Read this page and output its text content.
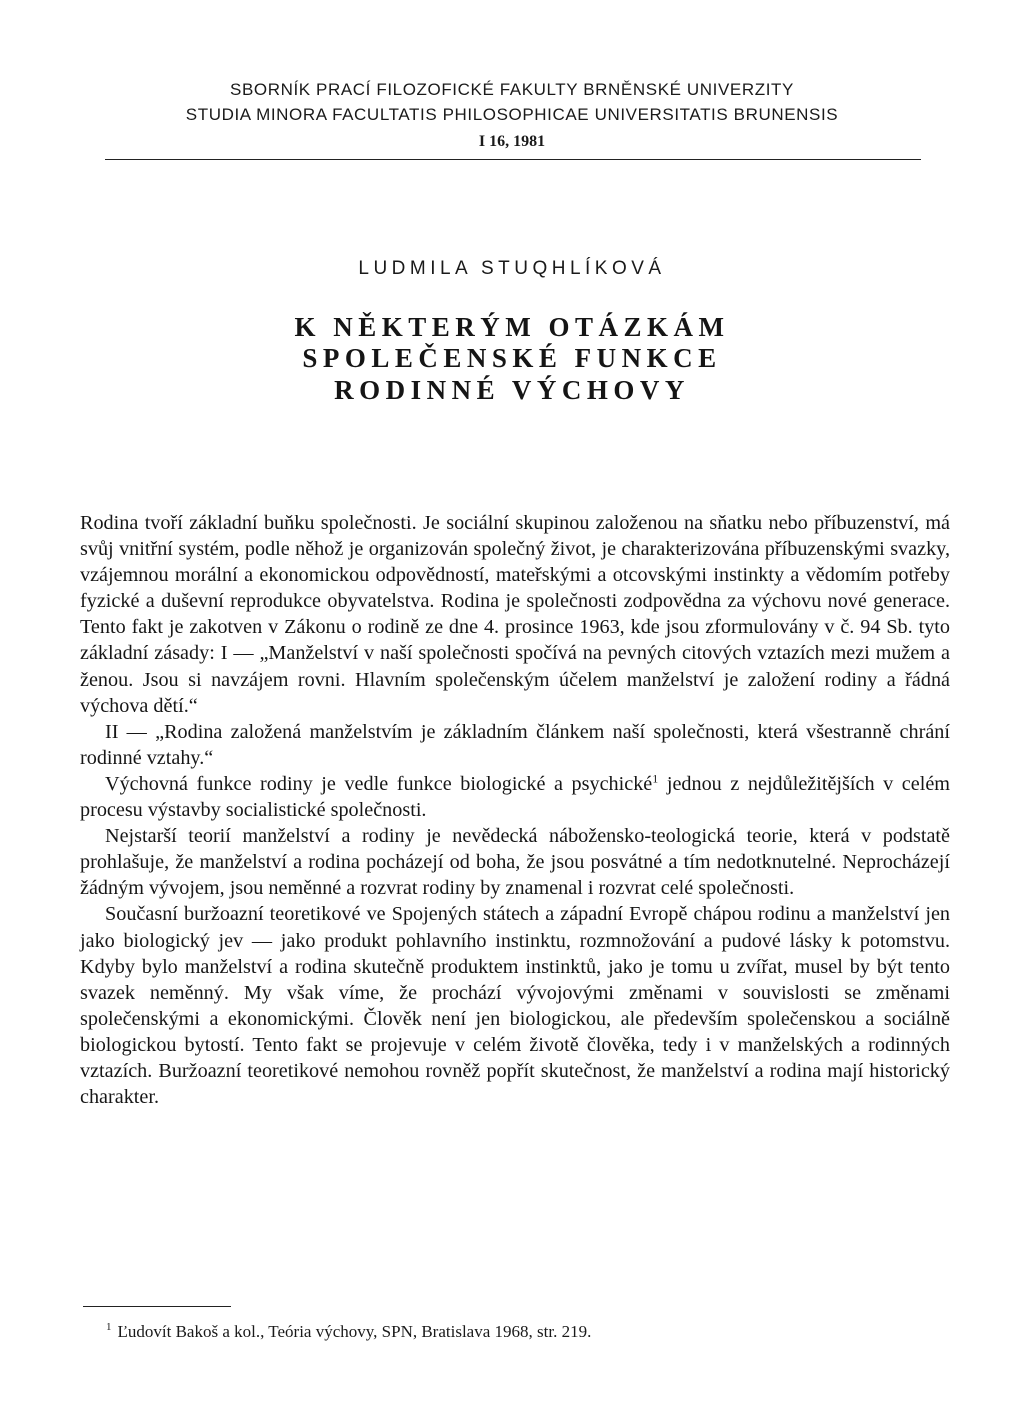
SBORNÍK PRACÍ FILOZOFICKÉ FAKULTY BRNĚNSKÉ UNIVERZITY
STUDIA MINORA FACULTATIS PHILOSOPHICAE UNIVERSITATIS BRUNENSIS
I 16, 1981
LUDMILA STUQHLÍKOVÁ
K NĚKTERÝM OTÁZKÁM
SPOLEČENSKÉ FUNKCE
RODINNÉ VÝCHOVY

Rodina tvoří základní buňku společnosti. Je sociální skupinou založenou na sňatku nebo příbuzenství, má svůj vnitřní systém, podle něhož je organizován společný život, je charakterizována příbuzenskými svazky, vzájemnou morální a ekonomickou odpovědností, mateřskými a otcovskými instinkty a vědomím potřeby fyzické a duševní reprodukce obyvatelstva. Rodina je společnosti zodpovědna za výchovu nové generace. Tento fakt je zakotven v Zákonu o rodině ze dne 4. prosince 1963, kde jsou zformulovány v č. 94 Sb. tyto základní zásady: I — „Manželství v naší společnosti spočívá na pevných citových vztazích mezi mužem a ženou. Jsou si navzájem rovni. Hlavním společenským účelem manželství je založení rodiny a řádná výchova dětí.“

II — „Rodina založená manželstvím je základním článkem naší společnosti, která všestranně chrání rodinné vztahy.“

Výchovná funkce rodiny je vedle funkce biologické a psychické$^1$ jednou z nejdůležitějších v celém procesu výstavby socialistické společnosti.

Nejstarší teorií manželství a rodiny je nevědecká nábožensko-teologická teorie, která v podstatě prohlašuje, že manželství a rodina pocházejí od boha, že jsou posvátné a tím nedotknutelné. Neprocházejí žádným vývojem, jsou neměnné a rozvrat rodiny by znamenal i rozvrat celé společnosti.

Současní buržoazní teoretikové ve Spojených státech a západní Evropě chápou rodinu a manželství jen jako biologický jev — jako produkt pohlavního instinktu, rozmnožování a pudové lásky k potomstvu. Kdyby bylo manželství a rodina skutečně produktem instinktů, jako je tomu u zvířat, musel by být tento svazek neměnný. My však víme, že prochází vývojovými změnami v souvislosti se změnami společenskými a ekonomickými. Člověk není jen biologickou, ale především společenskou a sociálně biologickou bytostí. Tento fakt se projevuje v celém životě člověka, tedy i v manželských a rodinných vztazích. Buržoazní teoretikové nemohou rovněž popřít skutečnost, že manželství a rodina mají historický charakter.

$^1$ Ľudovít Bakoš a kol., Teória výchovy, SPN, Bratislava 1968, str. 219.
